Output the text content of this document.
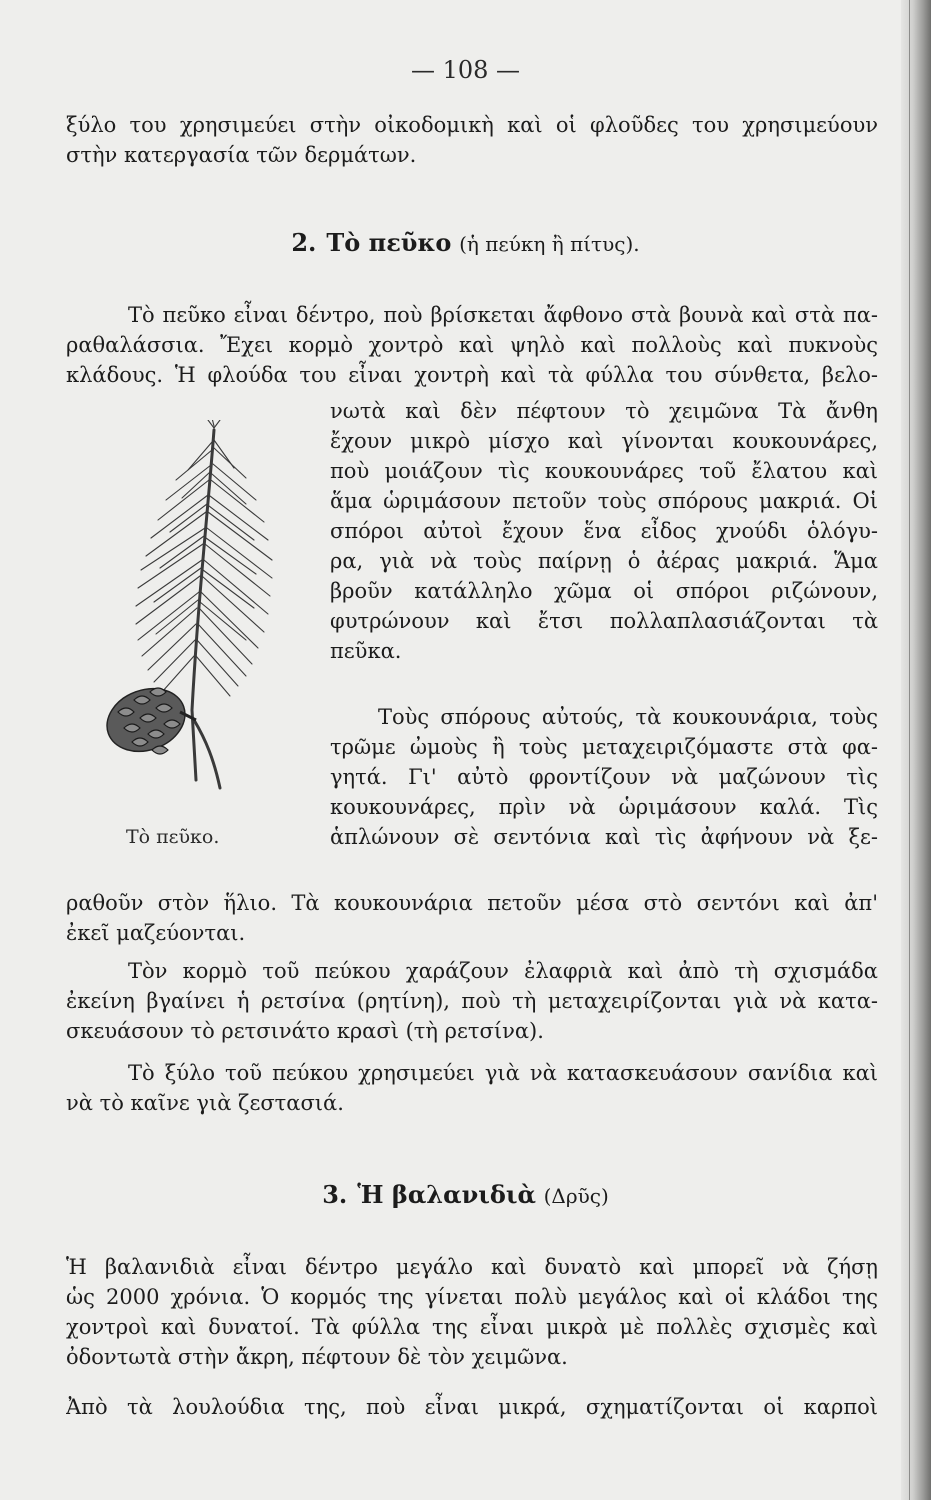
— 108 —
ξύλο του χρησιμεύει στὴν οἰκοδομικὴ καὶ οἱ φλοῦδες του χρησιμεύουν
στὴν κατεργασία τῶν δερμάτων.
2. Τὸ πεῦκο (ἡ πεύκη ἢ πίτυς).
Τὸ πεῦκο εἶναι δέντρο, ποὺ βρίσκεται ἄφθονο στὰ βουνὰ καὶ στὰ πα-
ραθαλάσσια. Ἔχει κορμὸ χοντρὸ καὶ ψηλὸ καὶ πολλοὺς καὶ πυκνοὺς
κλάδους. Ἡ φλούδα του εἶναι χοντρὴ καὶ τὰ φύλλα του σύνθετα, βελο-
νωτὰ καὶ δὲν πέφτουν τὸ χειμῶνα Τὰ ἄνθη
ἔχουν μικρὸ μίσχο καὶ γίνονται κουκουνάρες,
ποὺ μοιάζουν τὶς κουκουνάρες τοῦ ἔλατου καὶ
ἅμα ὡριμάσουν πετοῦν τοὺς σπόρους μακριά. Οἱ
σπόροι αὐτοὶ ἔχουν ἕνα εἶδος χνούδι ὁλόγυ-
ρα, γιὰ νὰ τοὺς παίρνῃ ὁ ἀέρας μακριά. Ἅμα
βροῦν κατάλληλο χῶμα οἱ σπόροι ριζώνουν,
φυτρώνουν καὶ ἔτσι πολλαπλασιάζονται τὰ
πεῦκα.
Τοὺς σπόρους αὐτούς, τὰ κουκουνάρια, τοὺς
τρῶμε ὠμοὺς ἢ τοὺς μεταχειριζόμαστε στὰ φα-
γητά. Γι' αὐτὸ φροντίζουν νὰ μαζώνουν τὶς
κουκουνάρες, πρὶν νὰ ὡριμάσουν καλά. Τὶς
ἁπλώνουν σὲ σεντόνια καὶ τὶς ἀφήνουν νὰ ξε-
Τὸ πεῦκο.
ραθοῦν στὸν ἥλιο. Τὰ κουκουνάρια πετοῦν μέσα στὸ σεντόνι καὶ ἀπ'
ἐκεῖ μαζεύονται.
Τὸν κορμὸ τοῦ πεύκου χαράζουν ἐλαφριὰ καὶ ἀπὸ τὴ σχισμάδα
ἐκείνη βγαίνει ἡ ρετσίνα (ρητίνη), ποὺ τὴ μεταχειρίζονται γιὰ νὰ κατα-
σκευάσουν τὸ ρετσινάτο κρασὶ (τὴ ρετσίνα).
Τὸ ξύλο τοῦ πεύκου χρησιμεύει γιὰ νὰ κατασκευάσουν σανίδια καὶ
νὰ τὸ καῖνε γιὰ ζεστασιά.
3. Ἡ βαλανιδιὰ (Δρῦς)
Ἡ βαλανιδιὰ εἶναι δέντρο μεγάλο καὶ δυνατὸ καὶ μπορεῖ νὰ ζήσῃ
ὡς 2000 χρόνια. Ὁ κορμός της γίνεται πολὺ μεγάλος καὶ οἱ κλάδοι της
χοντροὶ καὶ δυνατοί. Τὰ φύλλα της εἶναι μικρὰ μὲ πολλὲς σχισμὲς καὶ
ὀδοντωτὰ στὴν ἄκρη, πέφτουν δὲ τὸν χειμῶνα.
Ἀπὸ τὰ λουλούδια της, ποὺ εἶναι μικρά, σχηματίζονται οἱ καρποὶ
